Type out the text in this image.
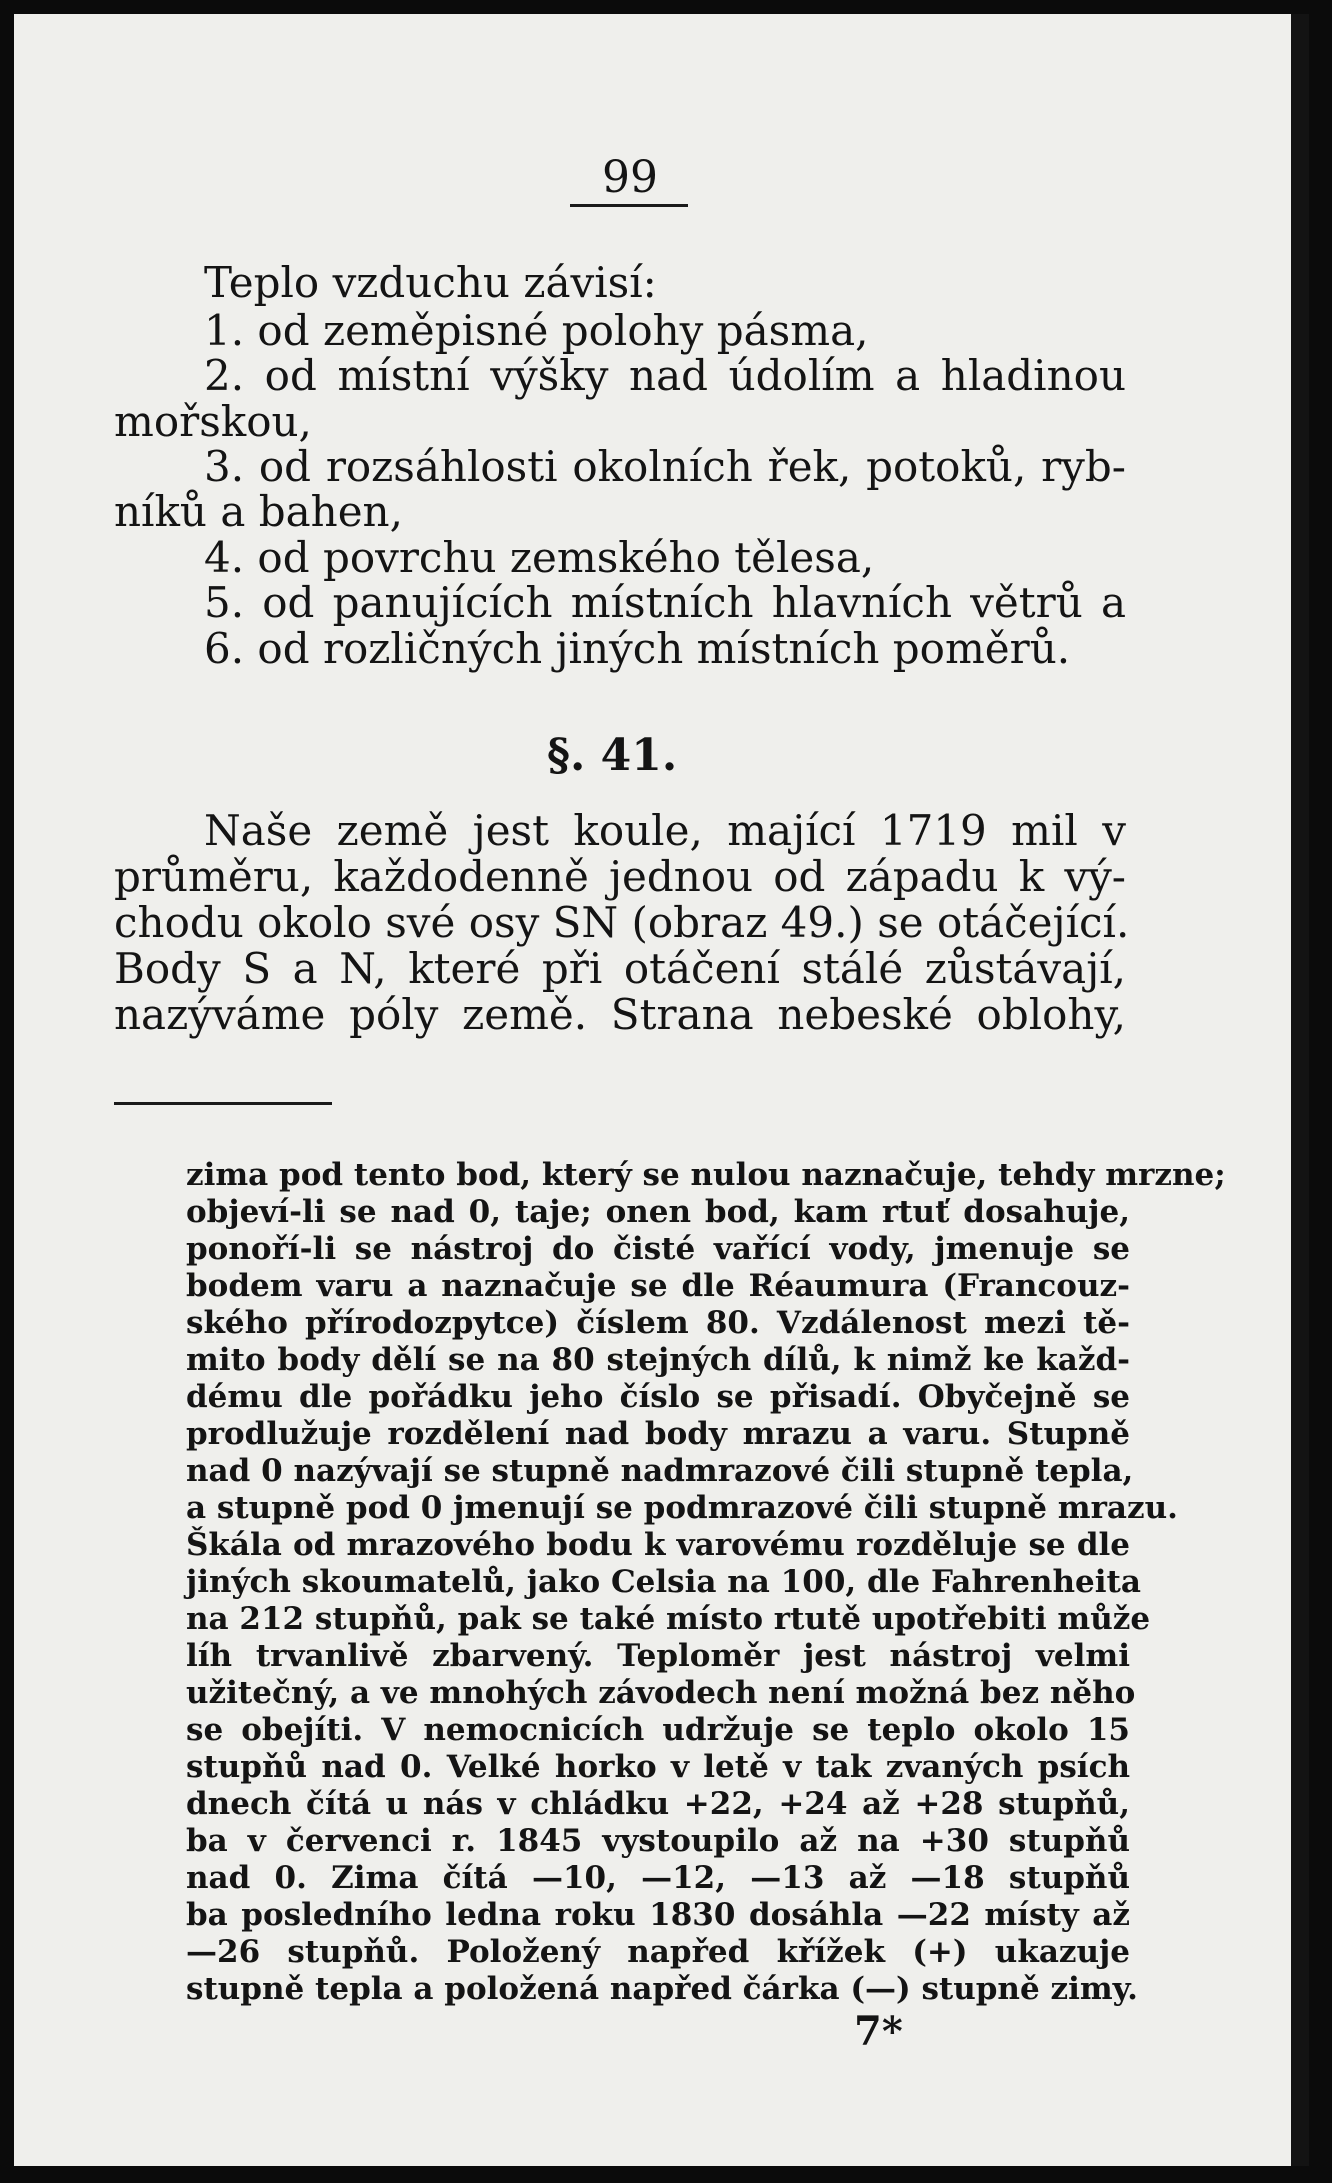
99
Teplo vzduchu závisí:
1. od zeměpisné polohy pásma,
2. od místní výšky nad údolím a hladinou
mořskou,
3. od rozsáhlosti okolních řek, potoků, ryb-
níků a bahen,
4. od povrchu zemského tělesa,
5. od panujících místních hlavních větrů a
6. od rozličných jiných místních poměrů.
§. 41.
Naše země jest koule, mající 1719 mil v
průměru, každodenně jednou od západu k vý-
chodu okolo své osy SN (obraz 49.) se otáčející.
Body S a N, které při otáčení stálé zůstávají,
nazýváme póly země. Strana nebeské oblohy,
zima pod tento bod, který se nulou naznačuje, tehdy mrzne;
objeví-li se nad 0, taje; onen bod, kam rtuť dosahuje,
ponoří-li se nástroj do čisté vařící vody, jmenuje se
bodem varu a naznačuje se dle Réaumura (Francouz-
ského přírodozpytce) číslem 80. Vzdálenost mezi tě-
mito body dělí se na 80 stejných dílů, k nimž ke každ-
dému dle pořádku jeho číslo se přisadí. Obyčejně se
prodlužuje rozdělení nad body mrazu a varu. Stupně
nad 0 nazývají se stupně nadmrazové čili stupně tepla,
a stupně pod 0 jmenují se podmrazové čili stupně mrazu.
Škála od mrazového bodu k varovému rozděluje se dle
jiných skoumatelů, jako Celsia na 100, dle Fahrenheita
na 212 stupňů, pak se také místo rtutě upotřebiti může
líh trvanlivě zbarvený. Teploměr jest nástroj velmi
užitečný, a ve mnohých závodech není možná bez něho
se obejíti. V nemocnicích udržuje se teplo okolo 15
stupňů nad 0. Velké horko v letě v tak zvaných psích
dnech čítá u nás v chládku +22, +24 až +28 stupňů,
ba v červenci r. 1845 vystoupilo až na +30 stupňů
nad 0. Zima čítá —10, —12, —13 až —18 stupňů
ba posledního ledna roku 1830 dosáhla —22 místy až
—26 stupňů. Položený napřed křížek (+) ukazuje
stupně tepla a položená napřed čárka (—) stupně zimy.
7*
